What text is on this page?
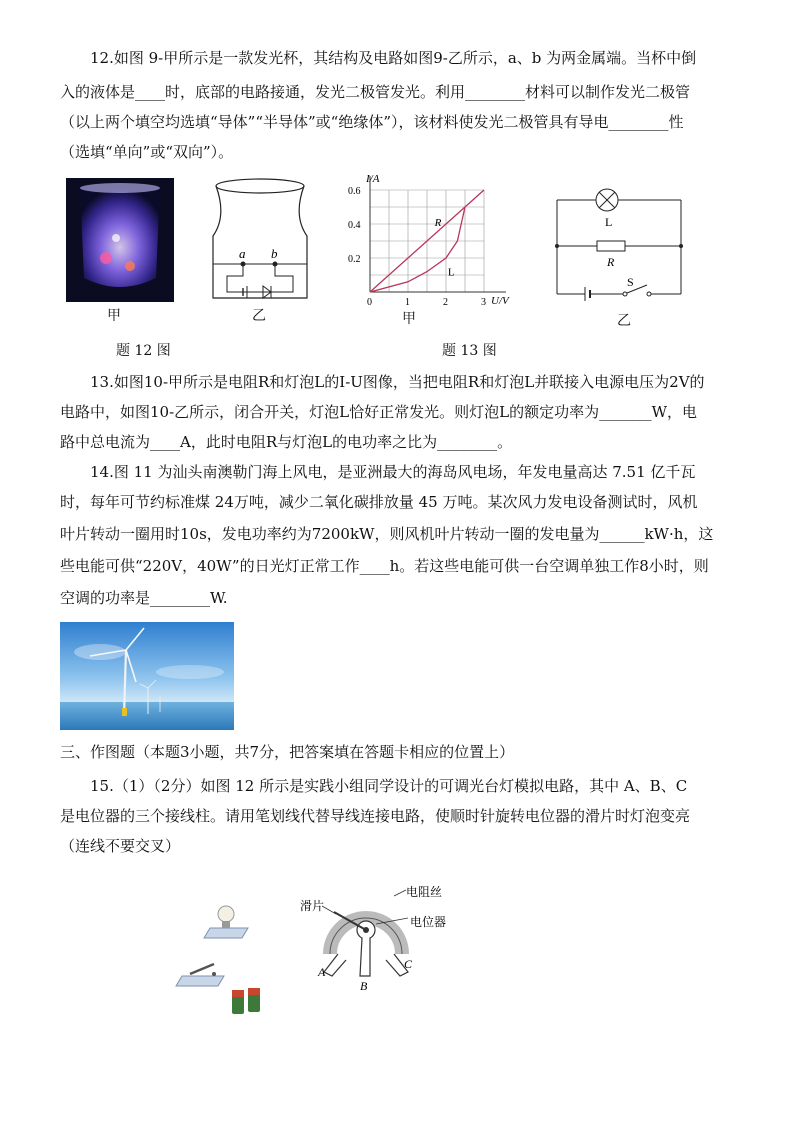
12.如图 9-甲所示是一款发光杯，其结构及电路如图9-乙所示，a、b 为两金属端。当杯中倒
入的液体是____时，底部的电路接通，发光二极管发光。利用________材料可以制作发光二极管
（以上两个填空均选填“导体”“半导体”或“绝缘体”），该材料使发光二极管具有导电________性
（选填“单向”或“双向”）。
甲
a b
乙
题 12 图
0.6
0.4
0.2
0	1	2	3
R
L
I/A
U/V
甲
L
R
S
乙
题 13 图
13.如图10-甲所示是电阻R和灯泡L的I-U图像，当把电阻R和灯泡L并联接入电源电压为2V的
电路中，如图10-乙所示，闭合开关，灯泡L恰好正常发光。则灯泡L的额定功率为_______W，电
路中总电流为____A，此时电阻R与灯泡L的电功率之比为________。
14.图 11 为汕头南澳勒门海上风电，是亚洲最大的海岛风电场，年发电量高达 7.51 亿千瓦
时，每年可节约标准煤 24万吨，减少二氧化碳排放量 45 万吨。某次风力发电设备测试时，风机
叶片转动一圈用时10s，发电功率约为7200kW，则风机叶片转动一圈的发电量为______kW·h，这
些电能可供“220V，40W”的日光灯正常工作____h。若这些电能可供一台空调单独工作8小时，则
空调的功率是________W.
三、作图题（本题3小题，共7分，把答案填在答题卡相应的位置上）
15.（1）（2分）如图 12 所示是实践小组同学设计的可调光台灯模拟电路，其中 A、B、C
是电位器的三个接线柱。请用笔划线代替导线连接电路，使顺时针旋转电位器的滑片时灯泡变亮
（连线不要交叉）
滑片
电阻丝
电位器
A
B
C
